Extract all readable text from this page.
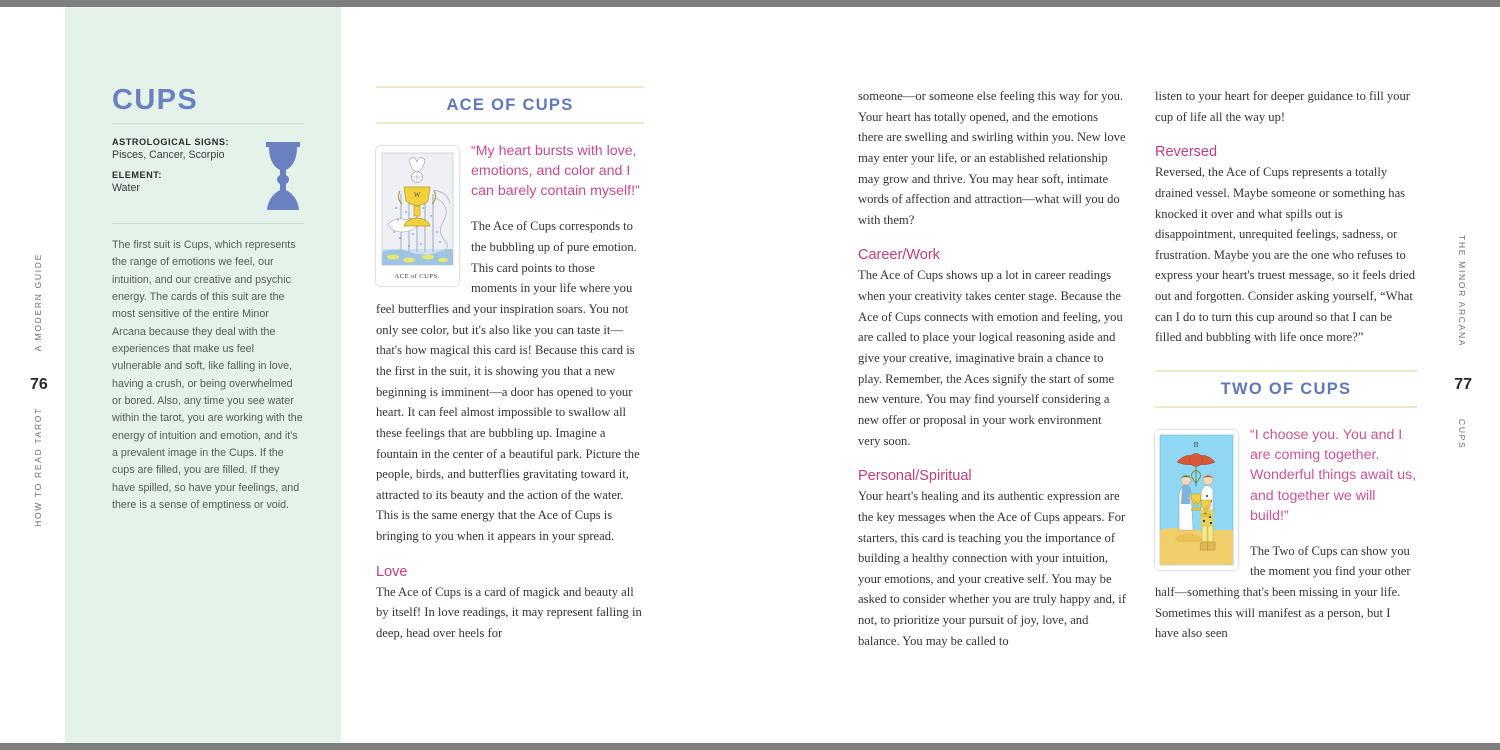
A MODERN GUIDE
HOW TO READ TAROT
76
CUPS
ASTROLOGICAL SIGNS:
Pisces, Cancer, Scorpio
ELEMENT:
Water
The first suit is Cups, which represents the range of emotions we feel, our intuition, and our creative and psychic energy. The cards of this suit are the most sensitive of the entire Minor Arcana because they deal with the experiences that make us feel vulnerable and soft, like falling in love, having a crush, or being overwhelmed or bored. Also, any time you see water within the tarot, you are working with the energy of intuition and emotion, and it's a prevalent image in the Cups. If the cups are filled, you are filled. If they have spilled, so have your feelings, and there is a sense of emptiness or void.
ACE OF CUPS
W
ACE of CUPS.

“My heart bursts with love, emotions, and color and I can barely contain myself!”

The Ace of Cups corresponds to the bubbling up of pure emotion. This card points to those moments in your life where you feel butterflies and your inspiration soars. You not only see color, but it's also like you can taste it—that's how magical this card is! Because this card is the first in the suit, it is showing you that a new beginning is imminent—a door has opened to your heart. It can feel almost impossible to swallow all these feelings that are bubbling up. Imagine a fountain in the center of a beautiful park. Picture the people, birds, and butterflies gravitating toward it, attracted to its beauty and the action of the water. This is the same energy that the Ace of Cups is bringing to you when it appears in your spread.

Love

The Ace of Cups is a card of magick and beauty all by itself! In love readings, it may represent falling in deep, head over heels for

THE MINOR ARCANA
CUPS
77

someone—or someone else feeling this way for you. Your heart has totally opened, and the emotions there are swelling and swirling within you. New love may enter your life, or an established relationship may grow and thrive. You may hear soft, intimate words of affection and attraction—what will you do with them?

Career/Work

The Ace of Cups shows up a lot in career readings when your creativity takes center stage. Because the Ace of Cups connects with emotion and feeling, you are called to place your logical reasoning aside and give your creative, imaginative brain a chance to play. Remember, the Aces signify the start of some new venture. You may find yourself considering a new offer or proposal in your work environment very soon.

Personal/Spiritual

Your heart's healing and its authentic expression are the key messages when the Ace of Cups appears. For starters, this card is teaching you the importance of building a healthy connection with your intuition, your emotions, and your creative self. You may be asked to consider whether you are truly happy and, if not, to prioritize your pursuit of joy, love, and balance. You may be called to

listen to your heart for deeper guidance to fill your cup of life all the way up!

Reversed

Reversed, the Ace of Cups represents a totally drained vessel. Maybe someone or something has knocked it over and what spills out is disappointment, unrequited feelings, sadness, or frustration. Maybe you are the one who refuses to express your heart's truest message, so it feels dried out and forgotten. Consider asking yourself, “What can I do to turn this cup around so that I can be filled and bubbling with life once more?”

TWO OF CUPS
II

“I choose you. You and I are coming together. Wonderful things await us, and together we will build!”

The Two of Cups can show you the moment you find your other half—something that's been missing in your life. Sometimes this will manifest as a person, but I have also seen
